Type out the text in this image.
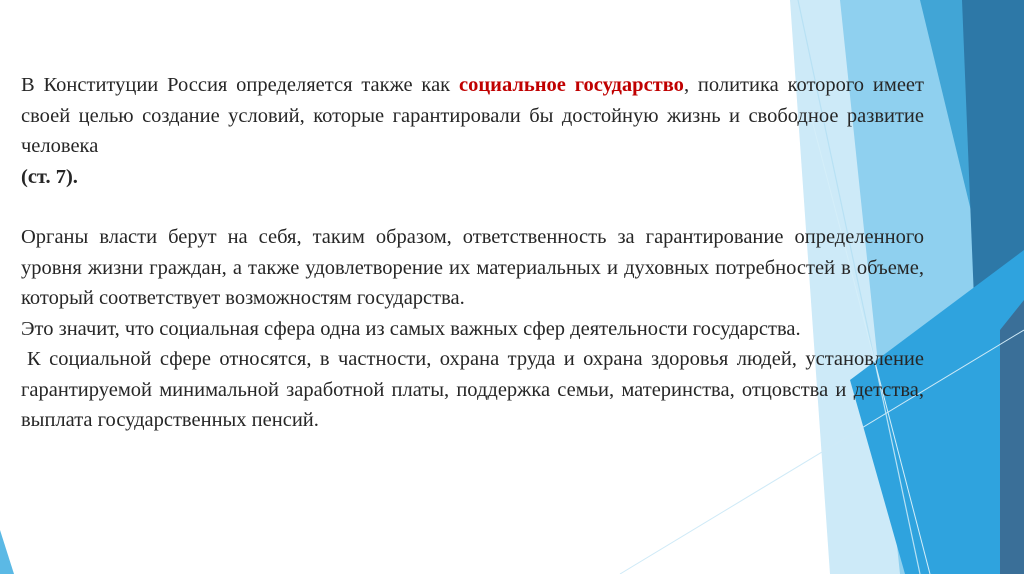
В Конституции Россия определяется также как социальное государство, политика которого имеет своей целью создание условий, которые гарантировали бы достойную жизнь и свободное развитие человека

(ст. 7).

Органы власти берут на себя, таким образом, ответственность за гарантирование определенного уровня жизни граждан, а также удовлетворение их материальных и духовных потребностей в объеме, который соответствует возможностям государства.

Это значит, что социальная сфера одна из самых важных сфер деятельности государства.

К социальной сфере относятся, в частности, охрана труда и охрана здоровья людей, установление гарантируемой минимальной заработной платы, поддержка семьи, материнства, отцовства и детства, выплата государственных пенсий.
